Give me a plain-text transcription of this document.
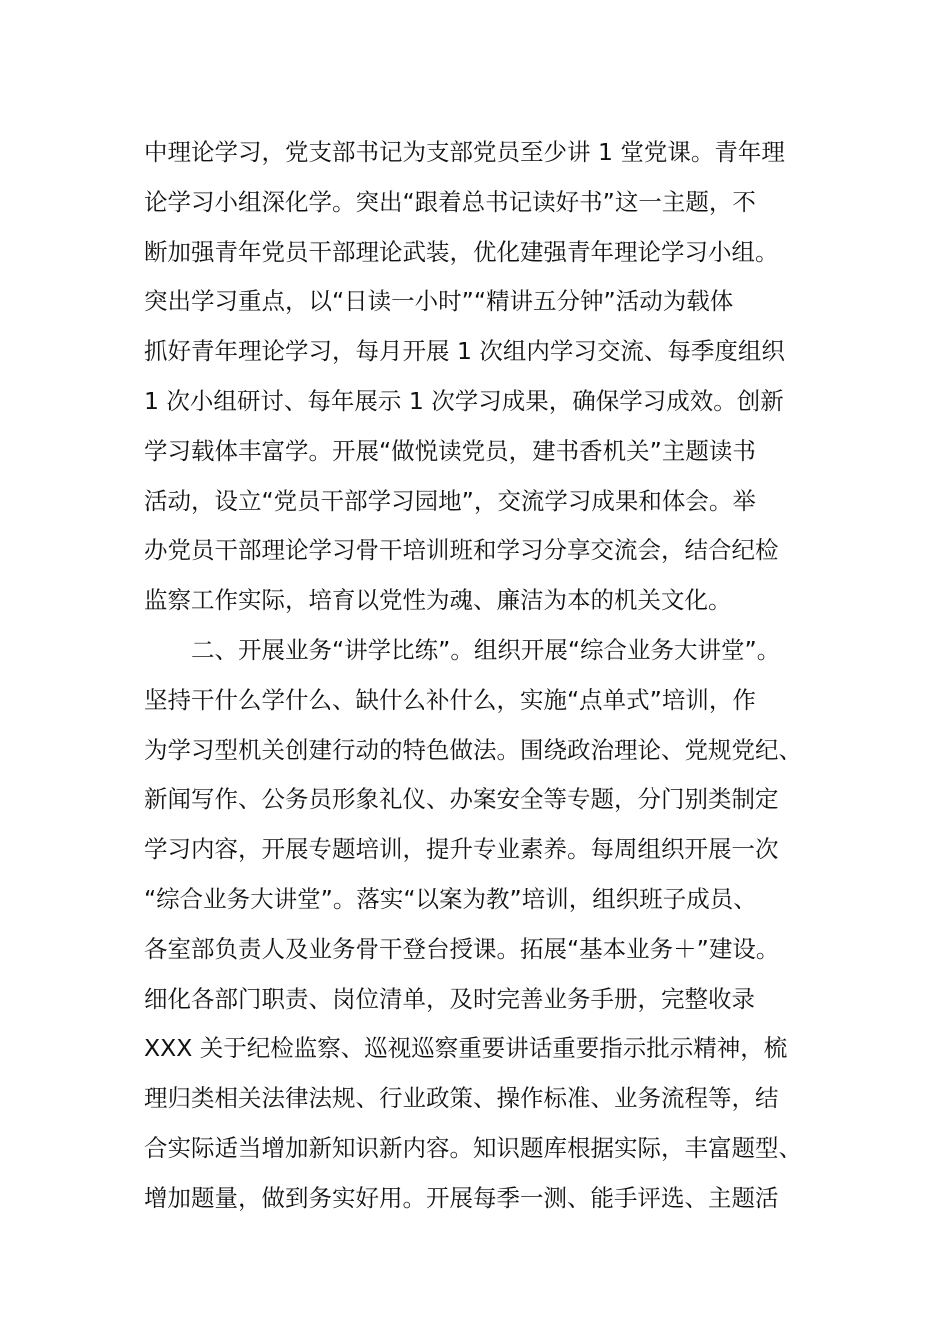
中理论学习，党支部书记为支部党员至少讲 1 堂党课。青年理
论学习小组深化学。突出“跟着总书记读好书”这一主题，不
断加强青年党员干部理论武装，优化建强青年理论学习小组。
突出学习重点，以“日读一小时”“精讲五分钟”活动为载体
抓好青年理论学习，每月开展 1 次组内学习交流、每季度组织
1 次小组研讨、每年展示 1 次学习成果，确保学习成效。创新
学习载体丰富学。开展“做悦读党员，建书香机关”主题读书
活动，设立“党员干部学习园地”，交流学习成果和体会。举
办党员干部理论学习骨干培训班和学习分享交流会，结合纪检
监察工作实际，培育以党性为魂、廉洁为本的机关文化。
二、开展业务“讲学比练”。组织开展“综合业务大讲堂”。
坚持干什么学什么、缺什么补什么，实施“点单式”培训，作
为学习型机关创建行动的特色做法。围绕政治理论、党规党纪、
新闻写作、公务员形象礼仪、办案安全等专题，分门别类制定
学习内容，开展专题培训，提升专业素养。每周组织开展一次
“综合业务大讲堂”。落实“以案为教”培训，组织班子成员、
各室部负责人及业务骨干登台授课。拓展“基本业务＋”建设。
细化各部门职责、岗位清单，及时完善业务手册，完整收录
XXX 关于纪检监察、巡视巡察重要讲话重要指示批示精神，梳
理归类相关法律法规、行业政策、操作标准、业务流程等，结
合实际适当增加新知识新内容。知识题库根据实际，丰富题型、
增加题量，做到务实好用。开展每季一测、能手评选、主题活
